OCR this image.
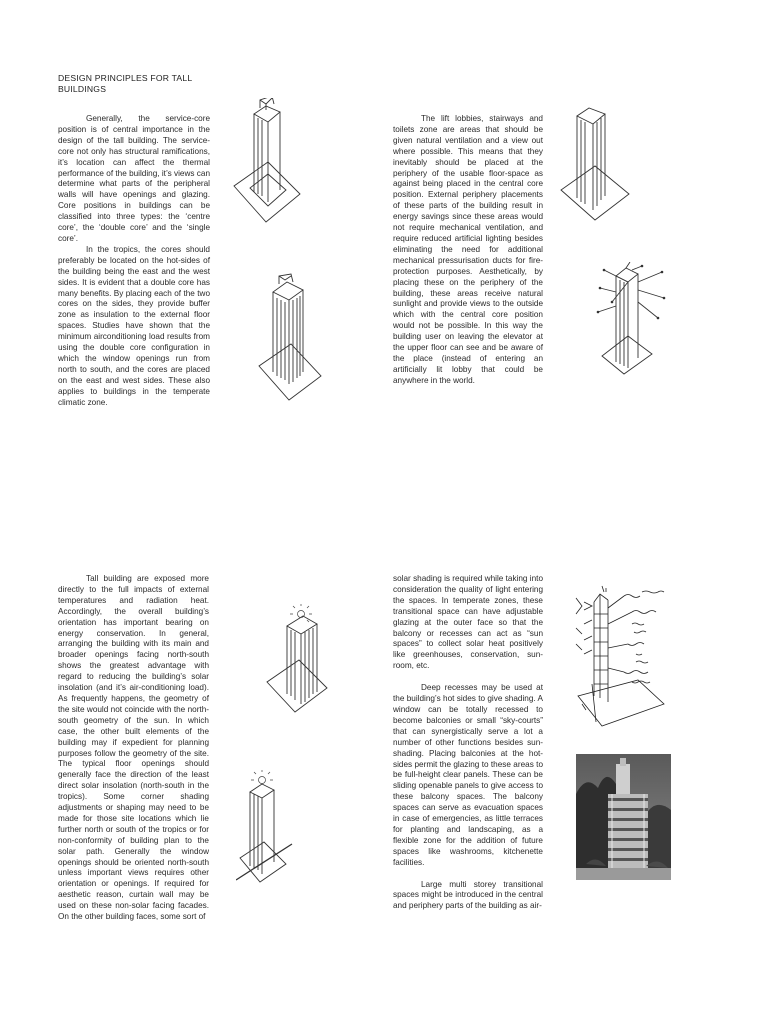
DESIGN PRINCIPLES FOR TALL BUILDINGS

Generally, the service-core position is of central importance in the design of the tall building. The service-core not only has structural ramifications, it’s location can affect the thermal performance of the building, it’s views can determine what parts of the peripheral walls will have openings and glazing. Core positions in buildings can be classified into three types: the ‘centre core’, the ‘double core’ and the ‘single core’.

In the tropics, the cores should preferably be located on the hot-sides of the building being the east and the west sides. It is evident that a double core has many benefits. By placing each of the two cores on the sides, they provide buffer zone as insulation to the external floor spaces. Studies have shown that the minimum airconditioning load results from using the double core configuration in which the window openings run from north to south, and the cores are placed on the east and west sides. These also applies to buildings in the temperate climatic zone.

The lift lobbies, stairways and toilets zone are areas that should be given natural ventilation and a view out where possible. This means that they inevitably should be placed at the periphery of the usable floor-space as against being placed in the central core position. External periphery placements of these parts of the building result in energy savings since these areas would not require mechanical ventilation, and require reduced artificial lighting besides eliminating the need for additional mechanical pressurisation ducts for fire-protection purposes. Aesthetically, by placing these on the periphery of the building, these areas receive natural sunlight and provide views to the outside which with the central core position would not be possible. In this way the building user on leaving the elevator at the upper floor can see and be aware of the place (instead of entering an artificially lit lobby that could be anywhere in the world.

Tall building are exposed more directly to the full impacts of external temperatures and radiation heat. Accordingly, the overall building’s orientation has important bearing on energy conservation. In general, arranging the building with its main and broader openings facing north-south shows the greatest advantage with regard to reducing the building’s solar insolation (and it’s air-conditioning load). As frequently happens, the geometry of the site would not coincide with the north-south geometry of the sun. In which case, the other built elements of the building may if expedient for planning purposes follow the geometry of the site. The typical floor openings should generally face the direction of the least direct solar insolation (north-south in the tropics). Some corner shading adjustments or shaping may need to be made for those site locations which lie further north or south of the tropics or for non-conformity of building plan to the solar path. Generally the window openings should be oriented north-south unless important views requires other orientation or openings. If required for aesthetic reason, curtain wall may be used on these non-solar facing facades. On the other building faces, some sort of

solar shading is required while taking into consideration the quality of light entering the spaces. In temperate zones, these transitional space can have adjustable glazing at the outer face so that the balcony or recesses can act as “sun spaces” to collect solar heat positively like greenhouses, conservation, sun-room, etc.

Deep recesses may be used at the building’s hot sides to give shading. A window can be totally recessed to become balconies or small “sky-courts” that can synergistically serve a lot a number of other functions besides sun-shading. Placing balconies at the hot-sides permit the glazing to these areas to be full-height clear panels. These can be sliding openable panels to give access to these balcony spaces. The balcony spaces can serve as evacuation spaces in case of emergencies, as little terraces for planting and landscaping, as a flexible zone for the addition of future spaces like washrooms, kitchenette facilities.

Large multi storey transitional spaces might be introduced in the central and periphery parts of the building as air-
